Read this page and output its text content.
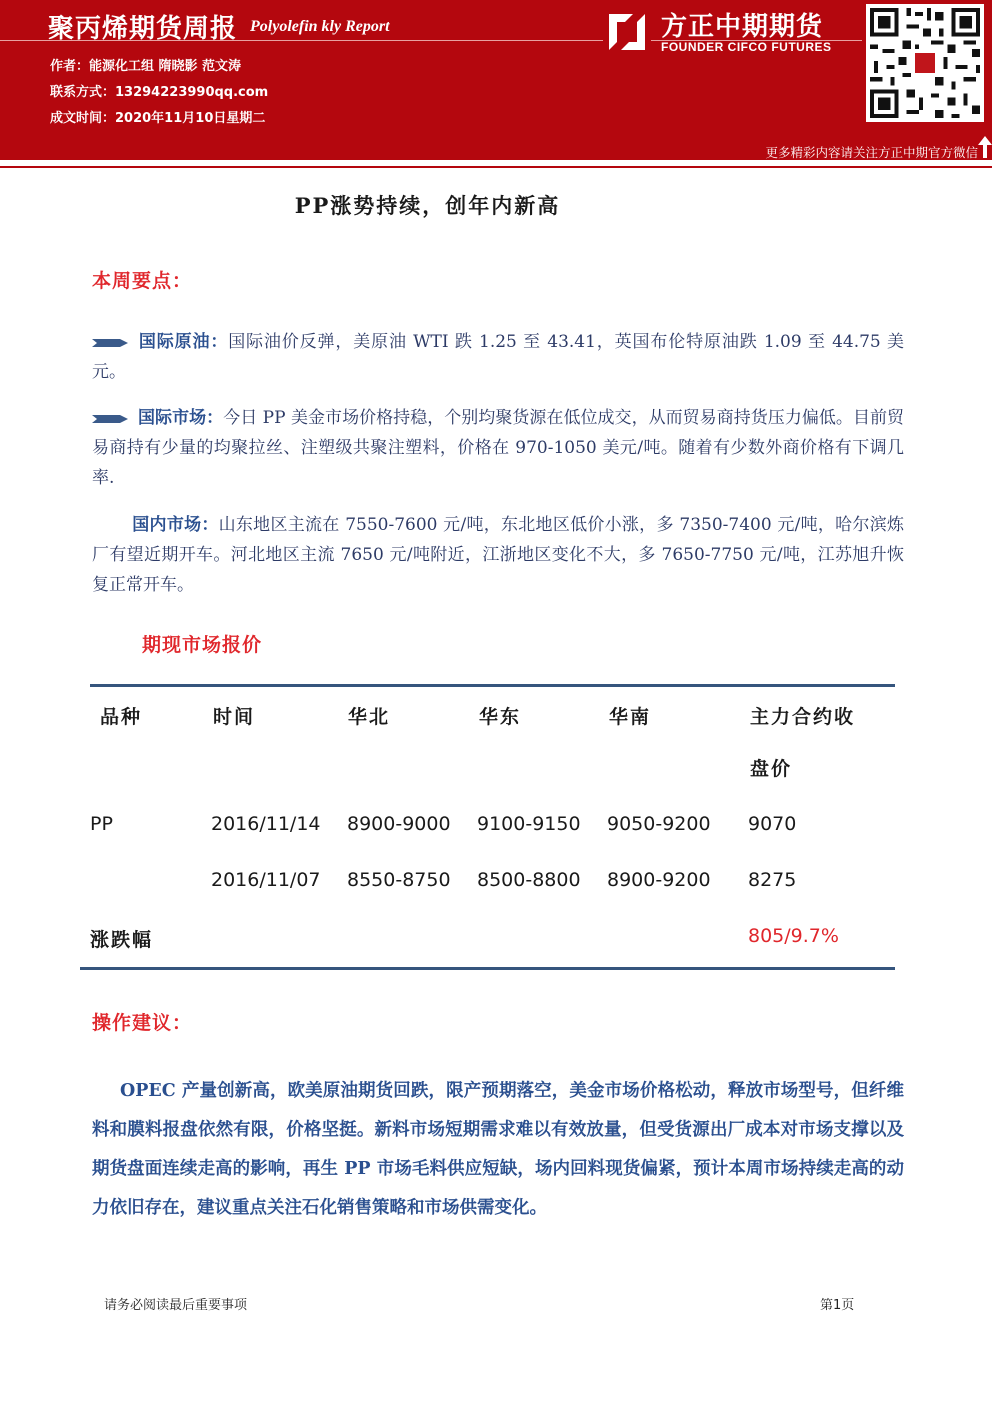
聚丙烯期货周报 Polyolefin kly Report
作者：能源化工组 隋晓影 范文涛
联系方式：13294223990qq.com
成文时间：2020年11月10日星期二
方正中期期货
FOUNDER CIFCO FUTURES
更多精彩内容请关注方正中期官方微信
PP涨势持续，创年内新高
本周要点：
国际原油：国际油价反弹，美原油 WTI 跌 1.25 至 43.41，英国布伦特原油跌 1.09 至 44.75 美元。
国际市场：今日 PP 美金市场价格持稳，个别均聚货源在低位成交，从而贸易商持货压力偏低。目前贸易商持有少量的均聚拉丝、注塑级共聚注塑料，价格在 970-1050 美元/吨。随着有少数外商价格有下调几率.
国内市场：山东地区主流在 7550-7600 元/吨，东北地区低价小涨，多 7350-7400 元/吨，哈尔滨炼厂有望近期开车。河北地区主流 7650 元/吨附近，江浙地区变化不大，多 7650-7750 元/吨，江苏旭升恢复正常开车。
期现市场报价
品种	时间	华北	华东	华南	主力合约收
盘价
PP	2016/11/14 8900-9000 9100-9150 9050-9200 9070
2016/11/07 8550-8750 8500-8800 8900-9200 8275
涨跌幅	805/9.7%
操作建议：
OPEC 产量创新高，欧美原油期货回跌，限产预期落空，美金市场价格松动，释放市场型号，但纤维料和膜料报盘依然有限，价格坚挺。新料市场短期需求难以有效放量，但受货源出厂成本对市场支撑以及期货盘面连续走高的影响，再生 PP 市场毛料供应短缺，场内回料现货偏紧，预计本周市场持续走高的动力依旧存在，建议重点关注石化销售策略和市场供需变化。
请务必阅读最后重要事项	第1页
